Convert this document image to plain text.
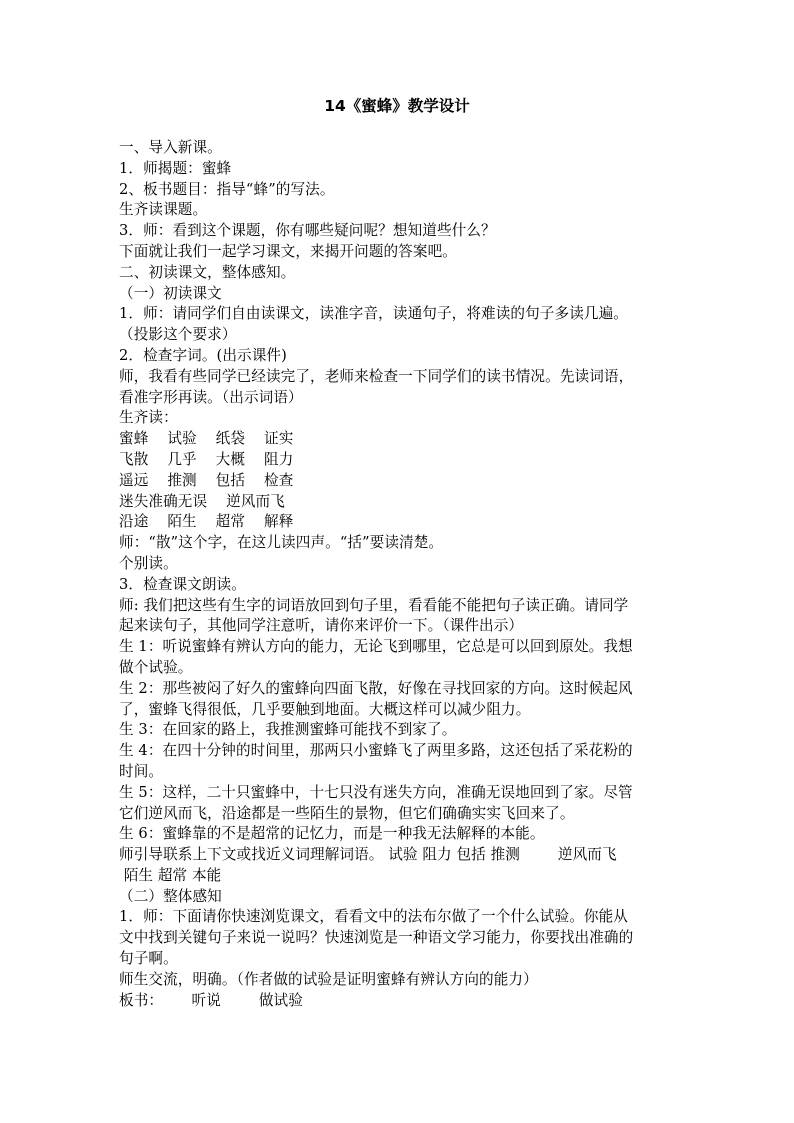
14《蜜蜂》教学设计
一、导入新课。
1．师揭题：蜜蜂
2、板书题目：指导“蜂”的写法。
生齐读课题。
3．师：看到这个课题，你有哪些疑问呢？想知道些什么？
下面就让我们一起学习课文，来揭开问题的答案吧。
二、初读课文，整体感知。
（一）初读课文
1．师：请同学们自由读课文，读准字音，读通句子，将难读的句子多读几遍。
（投影这个要求）
2．检查字词。(出示课件)
师，我看有些同学已经读完了，老师来检查一下同学们的读书情况。先读词语，
看准字形再读。（出示词语）
生齐读：
蜜蜂    试验    纸袋    证实
飞散    几乎    大概    阻力
遥远    推测    包括    检查
迷失准确无误    逆风而飞
沿途    陌生    超常    解释
师：“散”这个字，在这儿读四声。“括”要读清楚。
个别读。
3．检查课文朗读。
师: 我们把这些有生字的词语放回到句子里，看看能不能把句子读正确。请同学
起来读句子，其他同学注意听，请你来评价一下。（课件出示）
生 1：听说蜜蜂有辨认方向的能力，无论飞到哪里，它总是可以回到原处。我想
做个试验。
生 2：那些被闷了好久的蜜蜂向四面飞散，好像在寻找回家的方向。这时候起风
了，蜜蜂飞得很低，几乎要触到地面。大概这样可以减少阻力。
生 3：在回家的路上，我推测蜜蜂可能找不到家了。
生 4：在四十分钟的时间里，那两只小蜜蜂飞了两里多路，这还包括了采花粉的
时间。
生 5：这样，二十只蜜蜂中，十七只没有迷失方向，准确无误地回到了家。尽管
它们逆风而飞，沿途都是一些陌生的景物，但它们确确实实飞回来了。
生 6：蜜蜂靠的不是超常的记忆力，而是一种我无法解释的本能。
师引导联系上下文或找近义词理解词语。 试验 阻力 包括 推测        逆风而飞
陌生 超常 本能
（二）整体感知
1．师：下面请你快速浏览课文，看看文中的法布尔做了一个什么试验。你能从
文中找到关键句子来说一说吗？快速浏览是一种语文学习能力，你要找出准确的
句子啊。
师生交流，明确。（作者做的试验是证明蜜蜂有辨认方向的能力）
板书：      听说        做试验
